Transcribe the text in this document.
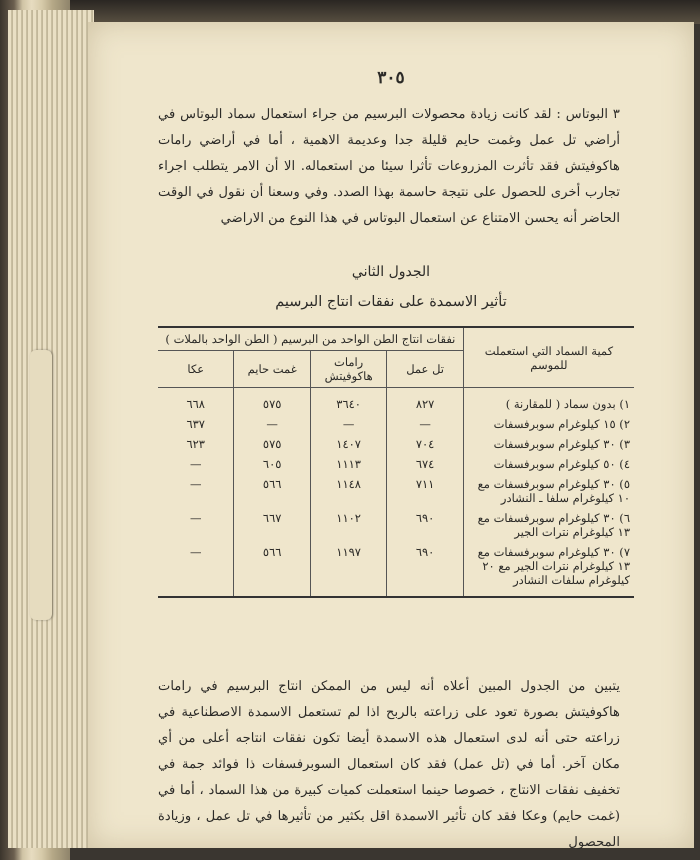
٣٠٥
٣ البوتاس : لقد كانت زيادة محصولات البرسيم من جراء استعمال سماد البوتاس في أراضي تل عمل وغمت حايم قليلة جدا وعديمة الاهمية ، أما في أراضي رامات هاكوفيتش فقد تأثرت المزروعات تأثرا سيئا من استعماله. الا أن الامر يتطلب اجراء تجارب أخرى للحصول على نتيجة حاسمة بهذا الصدد. وفي وسعنا أن نقول في الوقت الحاضر أنه يحسن الامتناع عن استعمال البوتاس في هذا النوع من الاراضي
الجدول الثاني
تأثير الاسمدة على نفقات انتاج البرسيم
كمية السماد التي استعملت للموسم	نفقات انتاج الطن الواحد من البرسيم ( الطن الواحد بالملات )			
	تل عمل	رامات هاكوفيتش	غمت حايم	عكا

١) بدون سماد ( للمقارنة )	٨٢٧	٣٦٤٠	٥٧٥	٦٦٨
٢) ١٥ كيلوغرام سوبرفسفات	—	—	—	٦٣٧
٣) ٣٠ كيلوغرام سوبرفسفات	٧٠٤	١٤٠٧	٥٧٥	٦٢٣
٤) ٥٠ كيلوغرام سوبرفسفات	٦٧٤	١١١٣	٦٠٥	—
٥) ٣٠ كيلوغرام سوبرفسفات مع ١٠ كيلوغرام سلفا ـ النشادر	٧١١	١١٤٨	٥٦٦	—
٦) ٣٠ كيلوغرام سوبرفسفات مع ١٣ كيلوغرام نترات الجير	٦٩٠	١١٠٢	٦٦٧	—
٧) ٣٠ كيلوغرام سوبرفسفات مع ١٣ كيلوغرام نترات الجير مع ٢٠ كيلوغرام سلفات النشادر	٦٩٠	١١٩٧	٥٦٦	—

يتبين من الجدول المبين أعلاه أنه ليس من الممكن انتاج البرسيم في رامات هاكوفيتش بصورة تعود على زراعته بالربح اذا لم تستعمل الاسمدة الاصطناعية في زراعته حتى أنه لدى استعمال هذه الاسمدة أيضا تكون نفقات انتاجه أعلى من أي مكان آخر. أما في (تل عمل) فقد كان استعمال السوبرفسفات ذا فوائد جمة في تخفيف نفقات الانتاج ، خصوصا حينما استعملت كميات كبيرة من هذا السماد ، أما في (غمت حايم) وعكا فقد كان تأثير الاسمدة اقل بكثير من تأثيرها في تل عمل ، وزيادة المحصول
